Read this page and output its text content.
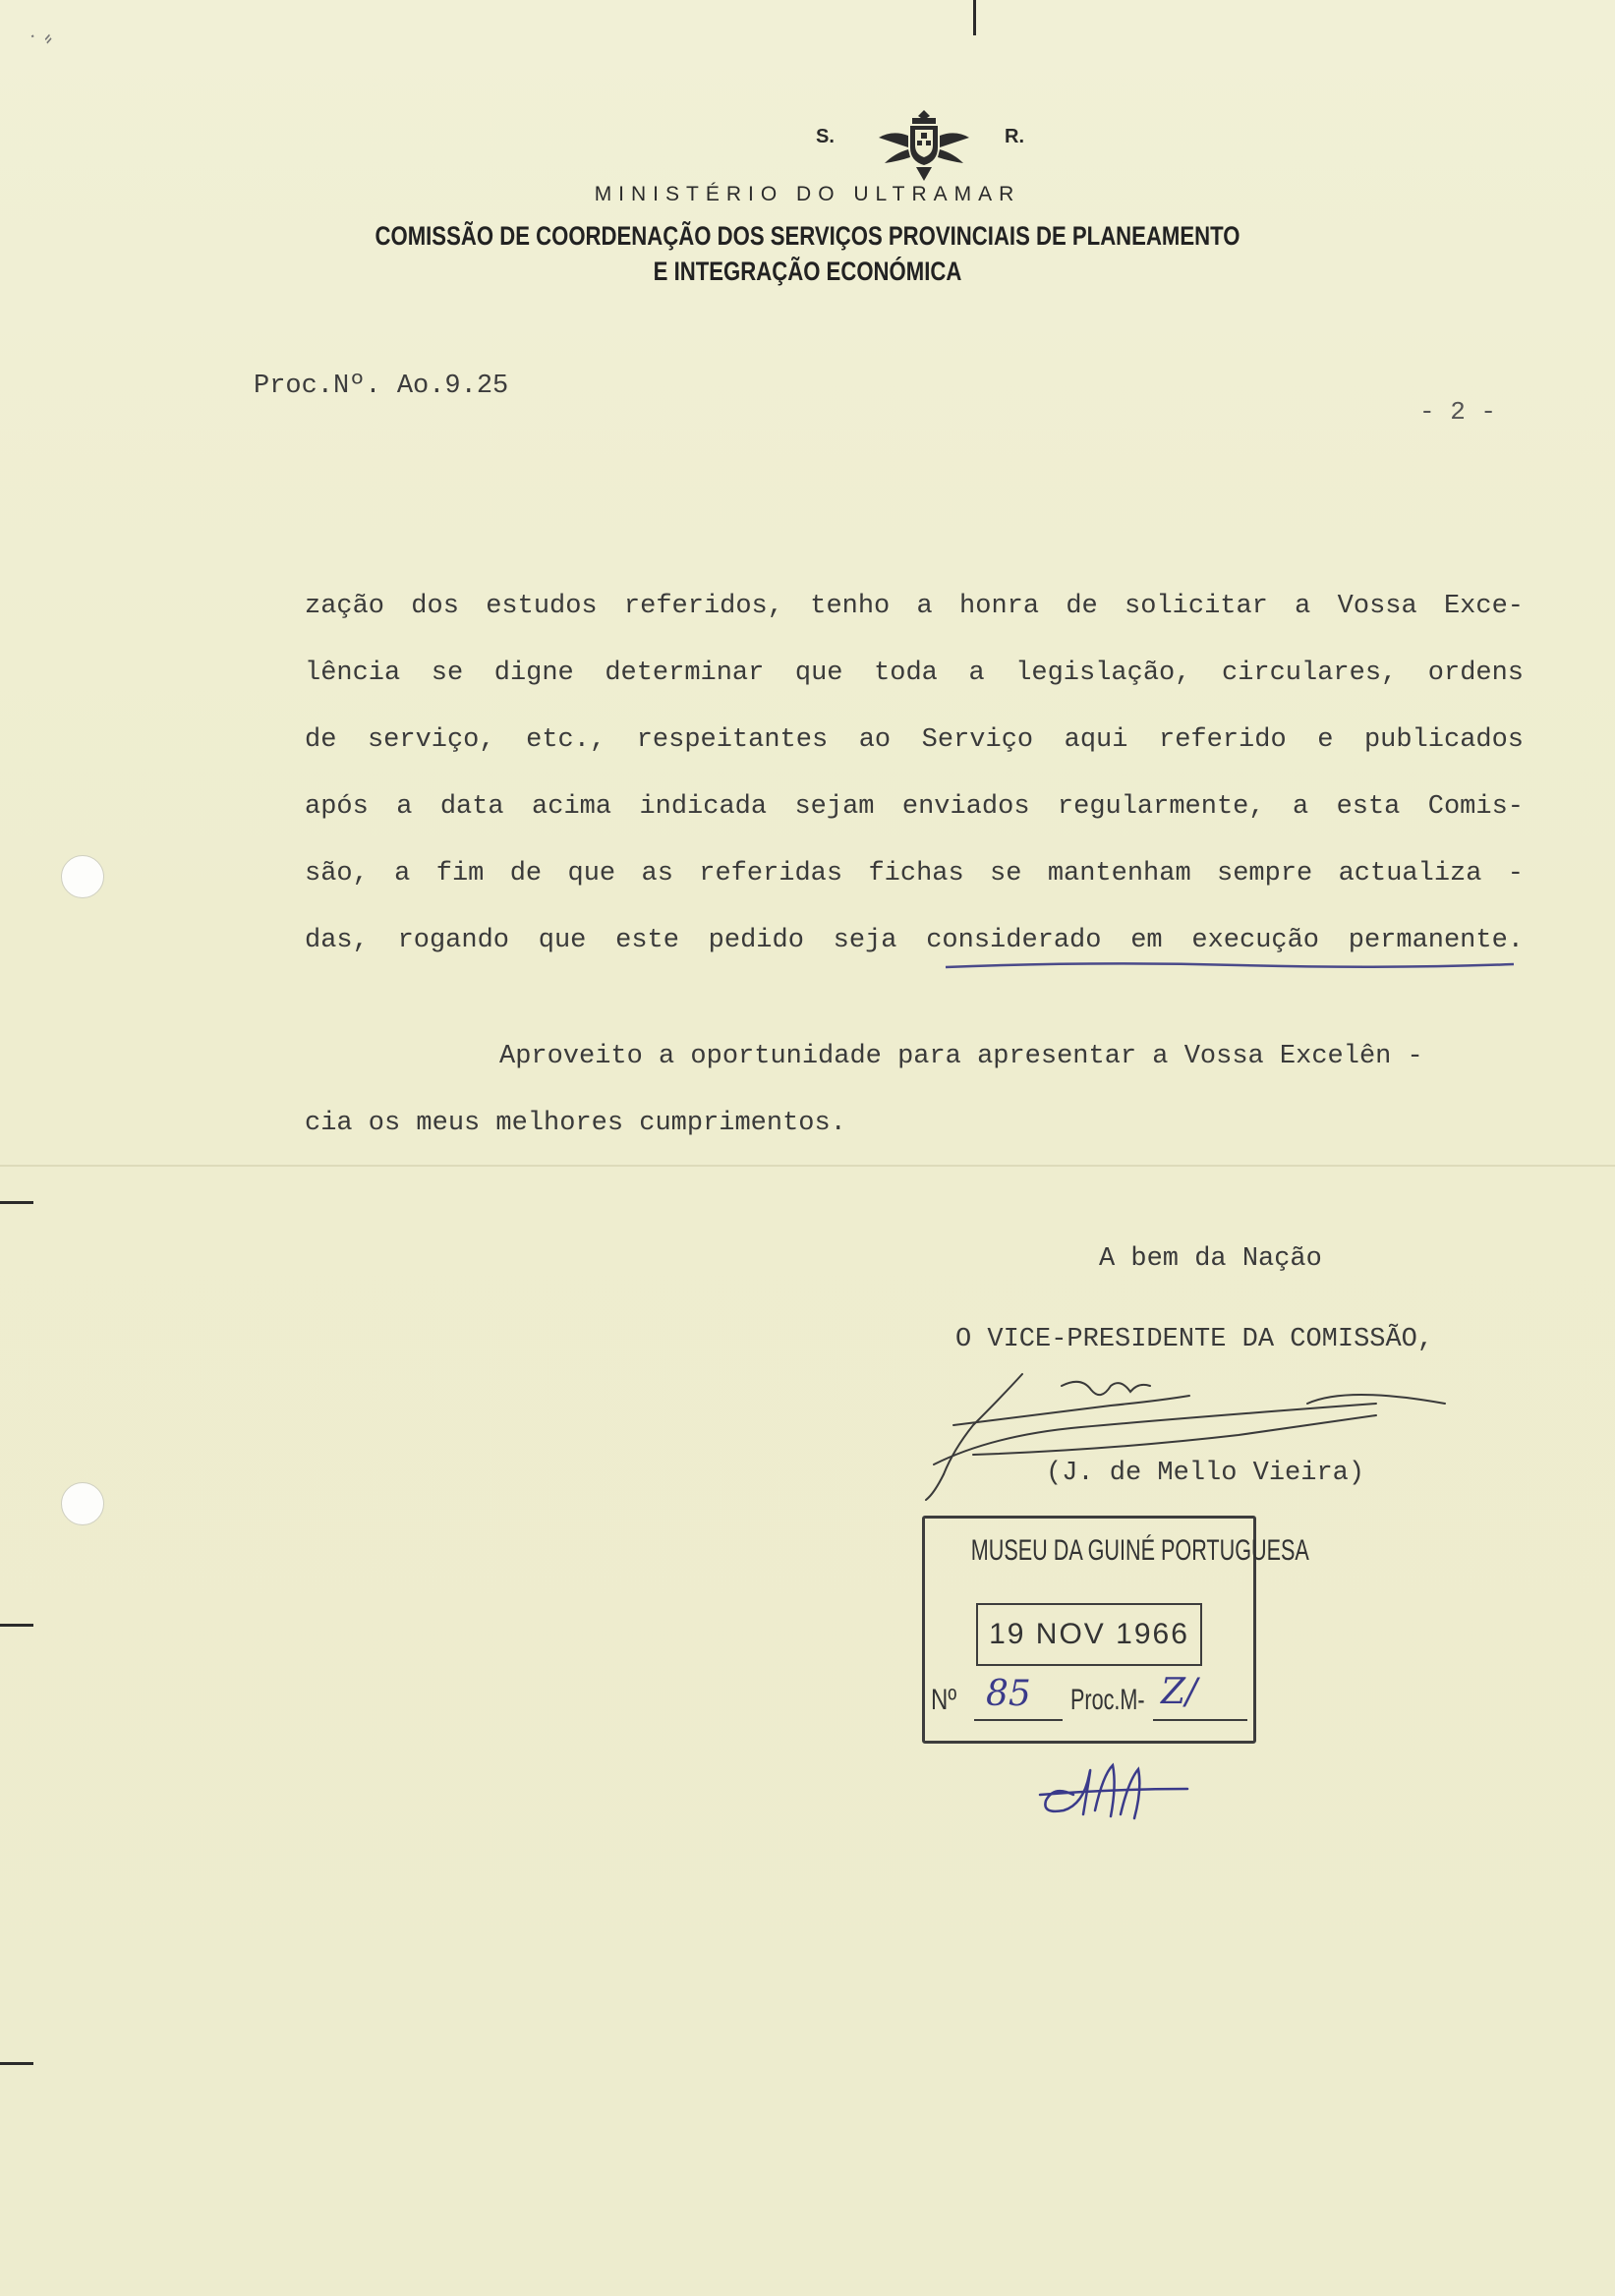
˙⸗
S.	R.
MINISTÉRIO DO ULTRAMAR
COMISSÃO DE COORDENAÇÃO DOS SERVIÇOS PROVINCIAIS DE PLANEAMENTO
E INTEGRAÇÃO ECONÓMICA
Proc.Nº. Ao.9.25
- 2 -
zação dos estudos referidos, tenho a honra de solicitar a Vossa Exce-
lência se digne determinar que toda a legislação, circulares, ordens
de serviço, etc., respeitantes ao Serviço aqui referido e publicados
após a data acima indicada sejam enviados regularmente, a esta Comis-
são, a fim de que as referidas fichas se mantenham sempre actualiza -
das, rogando que este pedido seja considerado em execução permanente.
Aproveito a oportunidade para apresentar a Vossa Excelên -
cia os meus melhores cumprimentos.
A bem da Nação
O VICE-PRESIDENTE DA COMISSÃO,
(J. de Mello Vieira)
MUSEU DA GUINÉ PORTUGUESA
19 NOV 1966
Nº 85 Proc.M- Z/
